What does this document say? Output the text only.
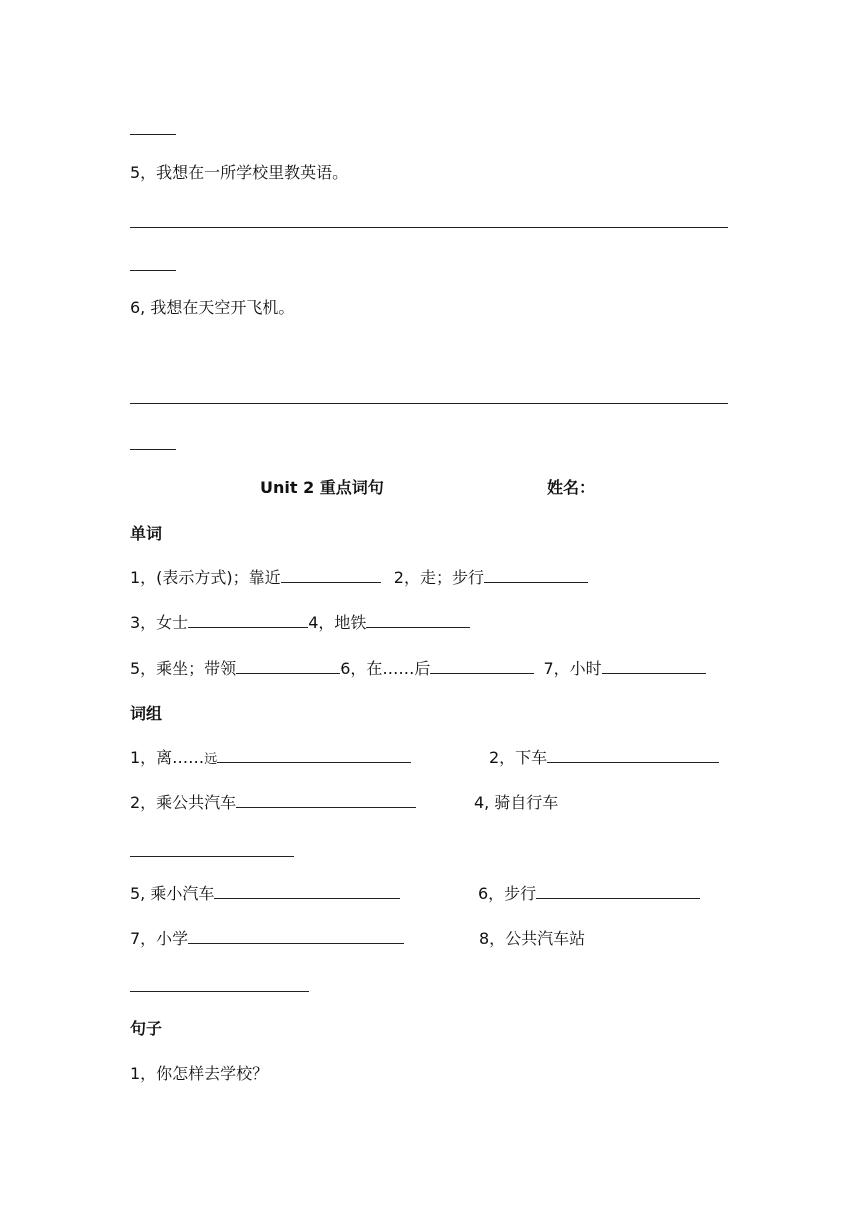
5，我想在一所学校里教英语。
6, 我想在天空开飞机。
Unit 2 重点词句	姓名：
单词
1，(表示方式)；靠近	2，走；步行
3，女士	4，地铁
5，乘坐；带领	6，在……后	7，小时
词组
1，离……远	2，下车
2，乘公共汽车	4, 骑自行车
5, 乘小汽车	6，步行
7，小学	8，公共汽车站
句子
1，你怎样去学校？
